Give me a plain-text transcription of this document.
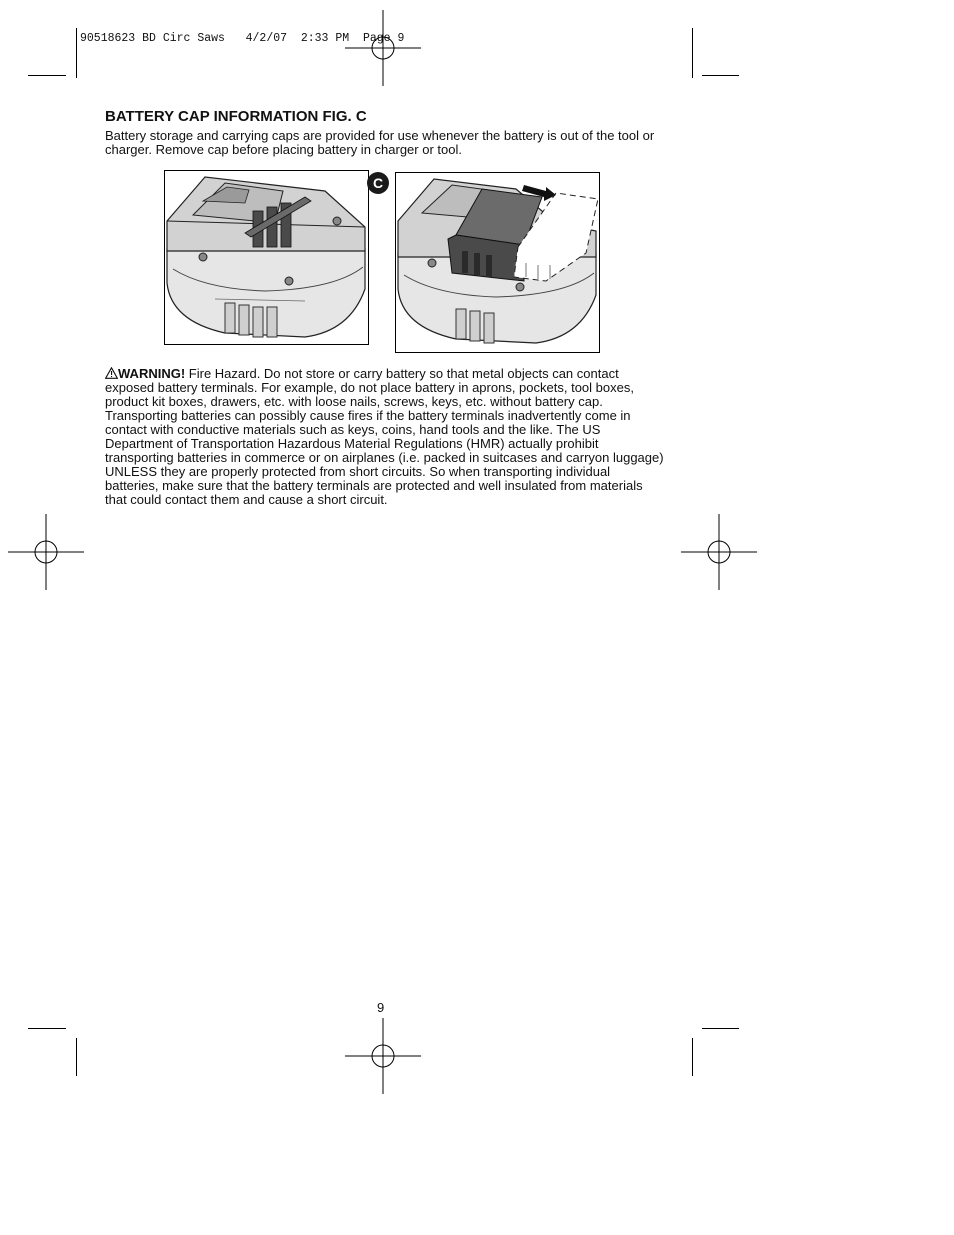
90518623 BD Circ Saws   4/2/07  2:33 PM  Page 9
BATTERY CAP INFORMATION FIG. C

Battery storage and carrying caps are provided for use whenever the battery is out of the tool or charger. Remove cap before placing battery in charger or tool.

C

WARNING! Fire Hazard. Do not store or carry battery so that metal objects can contact exposed battery terminals. For example, do not place battery in aprons, pockets, tool boxes, product kit boxes, drawers, etc. with loose nails, screws, keys, etc. without battery cap. Transporting batteries can possibly cause fires if the battery terminals inadvertently come in contact with conductive materials such as keys, coins, hand tools and the like. The US Department of Transportation Hazardous Material Regulations (HMR) actually prohibit transporting batteries in commerce or on airplanes (i.e. packed in suitcases and carryon luggage) UNLESS they are properly protected from short circuits. So when transporting individual batteries, make sure that the battery terminals are protected and well insulated from materials that could contact them and cause a short circuit.

9
